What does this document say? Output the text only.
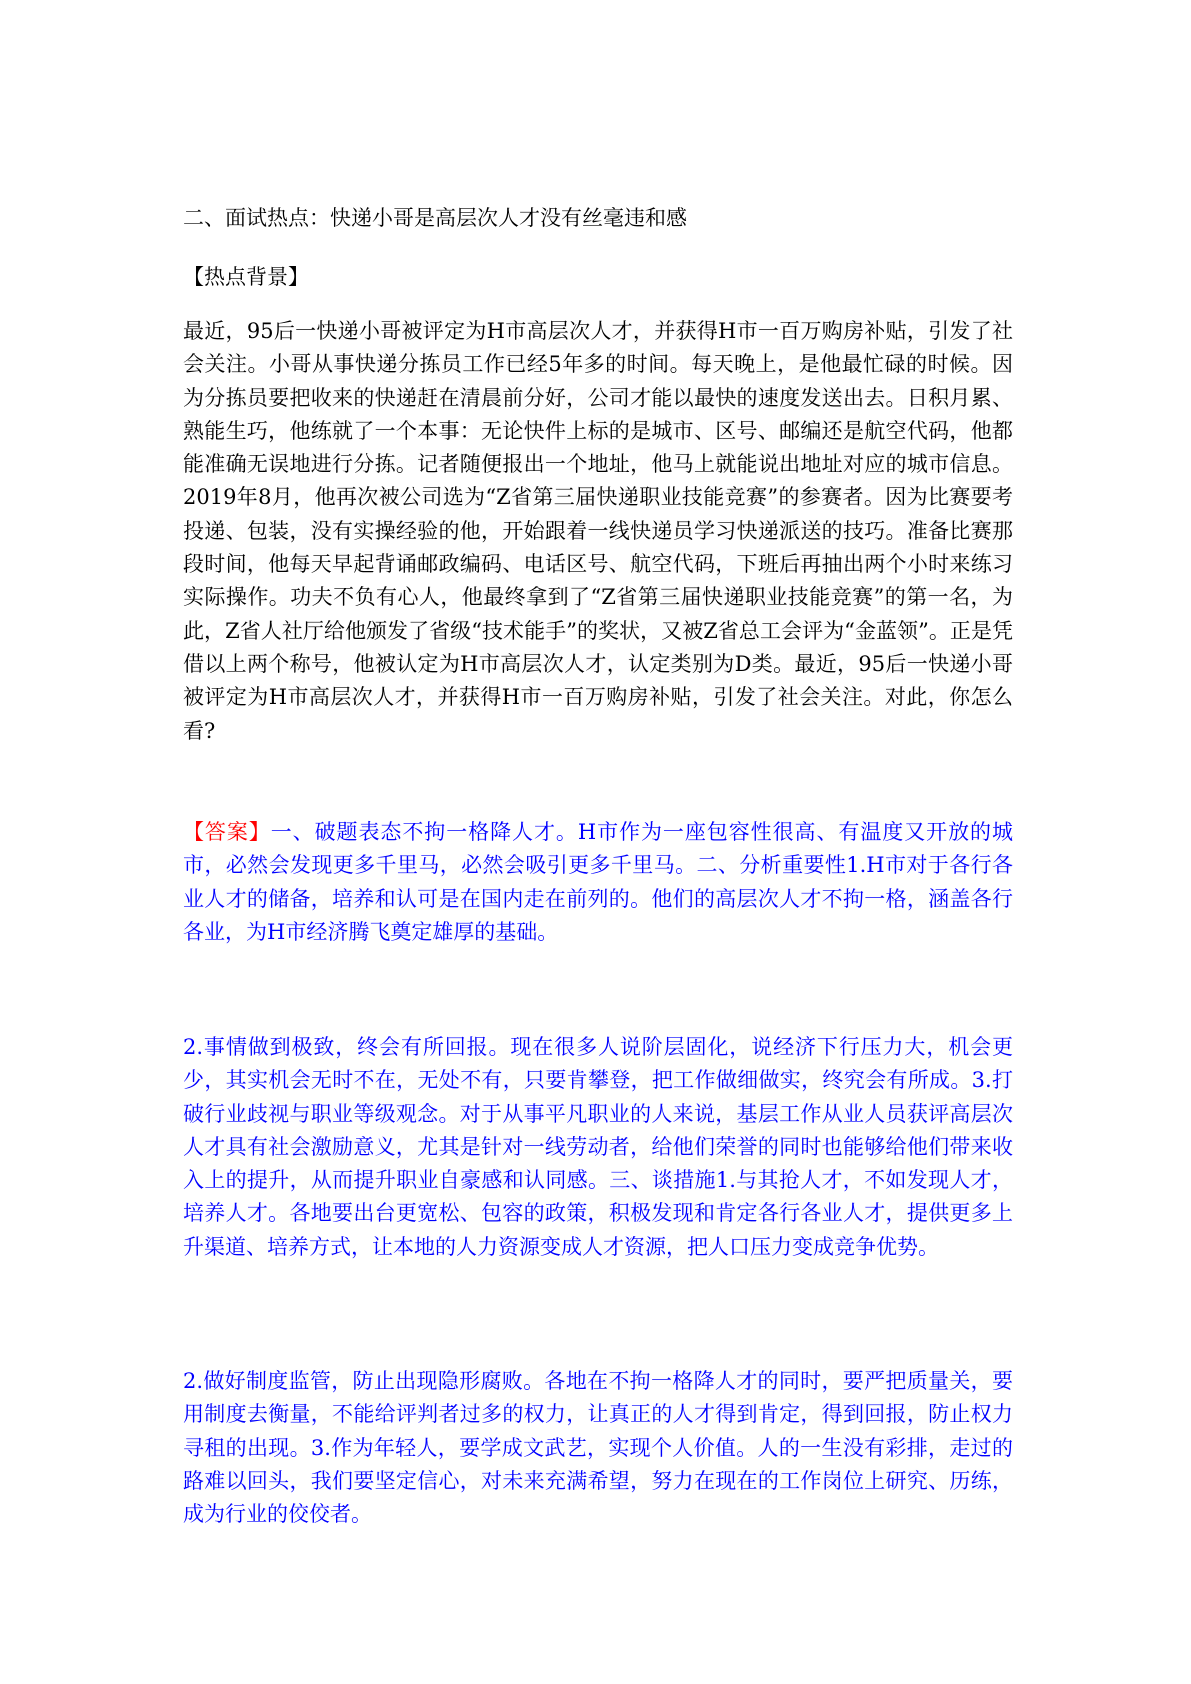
二、面试热点：快递小哥是高层次人才没有丝毫违和感
【热点背景】
最近，95后一快递小哥被评定为H市高层次人才，并获得H市一百万购房补贴，引发了社会关注。小哥从事快递分拣员工作已经5年多的时间。每天晚上，是他最忙碌的时候。因为分拣员要把收来的快递赶在清晨前分好，公司才能以最快的速度发送出去。日积月累、熟能生巧，他练就了一个本事：无论快件上标的是城市、区号、邮编还是航空代码，他都能准确无误地进行分拣。记者随便报出一个地址，他马上就能说出地址对应的城市信息。2019年8月，他再次被公司选为“Z省第三届快递职业技能竞赛”的参赛者。因为比赛要考投递、包装，没有实操经验的他，开始跟着一线快递员学习快递派送的技巧。准备比赛那段时间，他每天早起背诵邮政编码、电话区号、航空代码，下班后再抽出两个小时来练习实际操作。功夫不负有心人，他最终拿到了“Z省第三届快递职业技能竞赛”的第一名，为此，Z省人社厅给他颁发了省级“技术能手”的奖状，又被Z省总工会评为“金蓝领”。正是凭借以上两个称号，他被认定为H市高层次人才，认定类别为D类。最近，95后一快递小哥被评定为H市高层次人才，并获得H市一百万购房补贴，引发了社会关注。对此，你怎么看?
【答案】一、破题表态不拘一格降人才。H市作为一座包容性很高、有温度又开放的城市，必然会发现更多千里马，必然会吸引更多千里马。二、分析重要性1.H市对于各行各业人才的储备，培养和认可是在国内走在前列的。他们的高层次人才不拘一格，涵盖各行各业，为H市经济腾飞奠定雄厚的基础。
2.事情做到极致，终会有所回报。现在很多人说阶层固化，说经济下行压力大，机会更少，其实机会无时不在，无处不有，只要肯攀登，把工作做细做实，终究会有所成。3.打破行业歧视与职业等级观念。对于从事平凡职业的人来说，基层工作从业人员获评高层次人才具有社会激励意义，尤其是针对一线劳动者，给他们荣誉的同时也能够给他们带来收入上的提升，从而提升职业自豪感和认同感。三、谈措施1.与其抢人才，不如发现人才，培养人才。各地要出台更宽松、包容的政策，积极发现和肯定各行各业人才，提供更多上升渠道、培养方式，让本地的人力资源变成人才资源，把人口压力变成竞争优势。
2.做好制度监管，防止出现隐形腐败。各地在不拘一格降人才的同时，要严把质量关，要用制度去衡量，不能给评判者过多的权力，让真正的人才得到肯定，得到回报，防止权力寻租的出现。3.作为年轻人，要学成文武艺，实现个人价值。人的一生没有彩排，走过的路难以回头，我们要坚定信心，对未来充满希望，努力在现在的工作岗位上研究、历练，成为行业的佼佼者。
